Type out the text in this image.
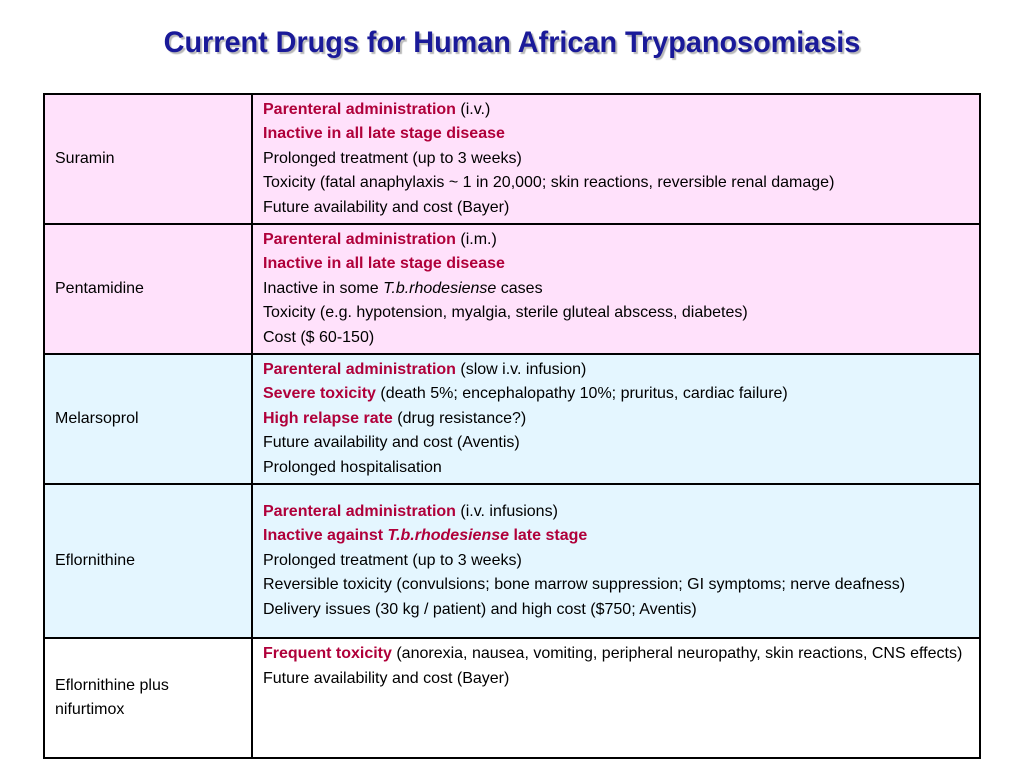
Current Drugs for Human African Trypanosomiasis
Suramin	Parenteral administration (i.v.)
Inactive in all late stage disease
Prolonged treatment (up to 3 weeks)
Toxicity (fatal anaphylaxis ~ 1 in 20,000; skin reactions, reversible renal damage)
Future availability and cost (Bayer)

Pentamidine	Parenteral administration (i.m.)
Inactive in all late stage disease
Inactive in some T.b.rhodesiense cases
Toxicity (e.g. hypotension, myalgia, sterile gluteal abscess, diabetes)
Cost ($ 60-150)

Melarsoprol	Parenteral administration (slow i.v. infusion)
Severe toxicity (death 5%; encephalopathy 10%; pruritus, cardiac failure)
High relapse rate (drug resistance?)
Future availability and cost (Aventis)
Prolonged hospitalisation

Eflornithine	Parenteral administration (i.v. infusions)
Inactive against T.b.rhodesiense late stage
Prolonged treatment (up to 3 weeks)
Reversible toxicity (convulsions; bone marrow suppression; GI symptoms; nerve deafness)
Delivery issues (30 kg / patient) and high cost ($750; Aventis)

Eflornithine plus nifurtimox	Frequent toxicity (anorexia, nausea, vomiting, peripheral neuropathy, skin reactions, CNS effects)
Future availability and cost (Bayer)
